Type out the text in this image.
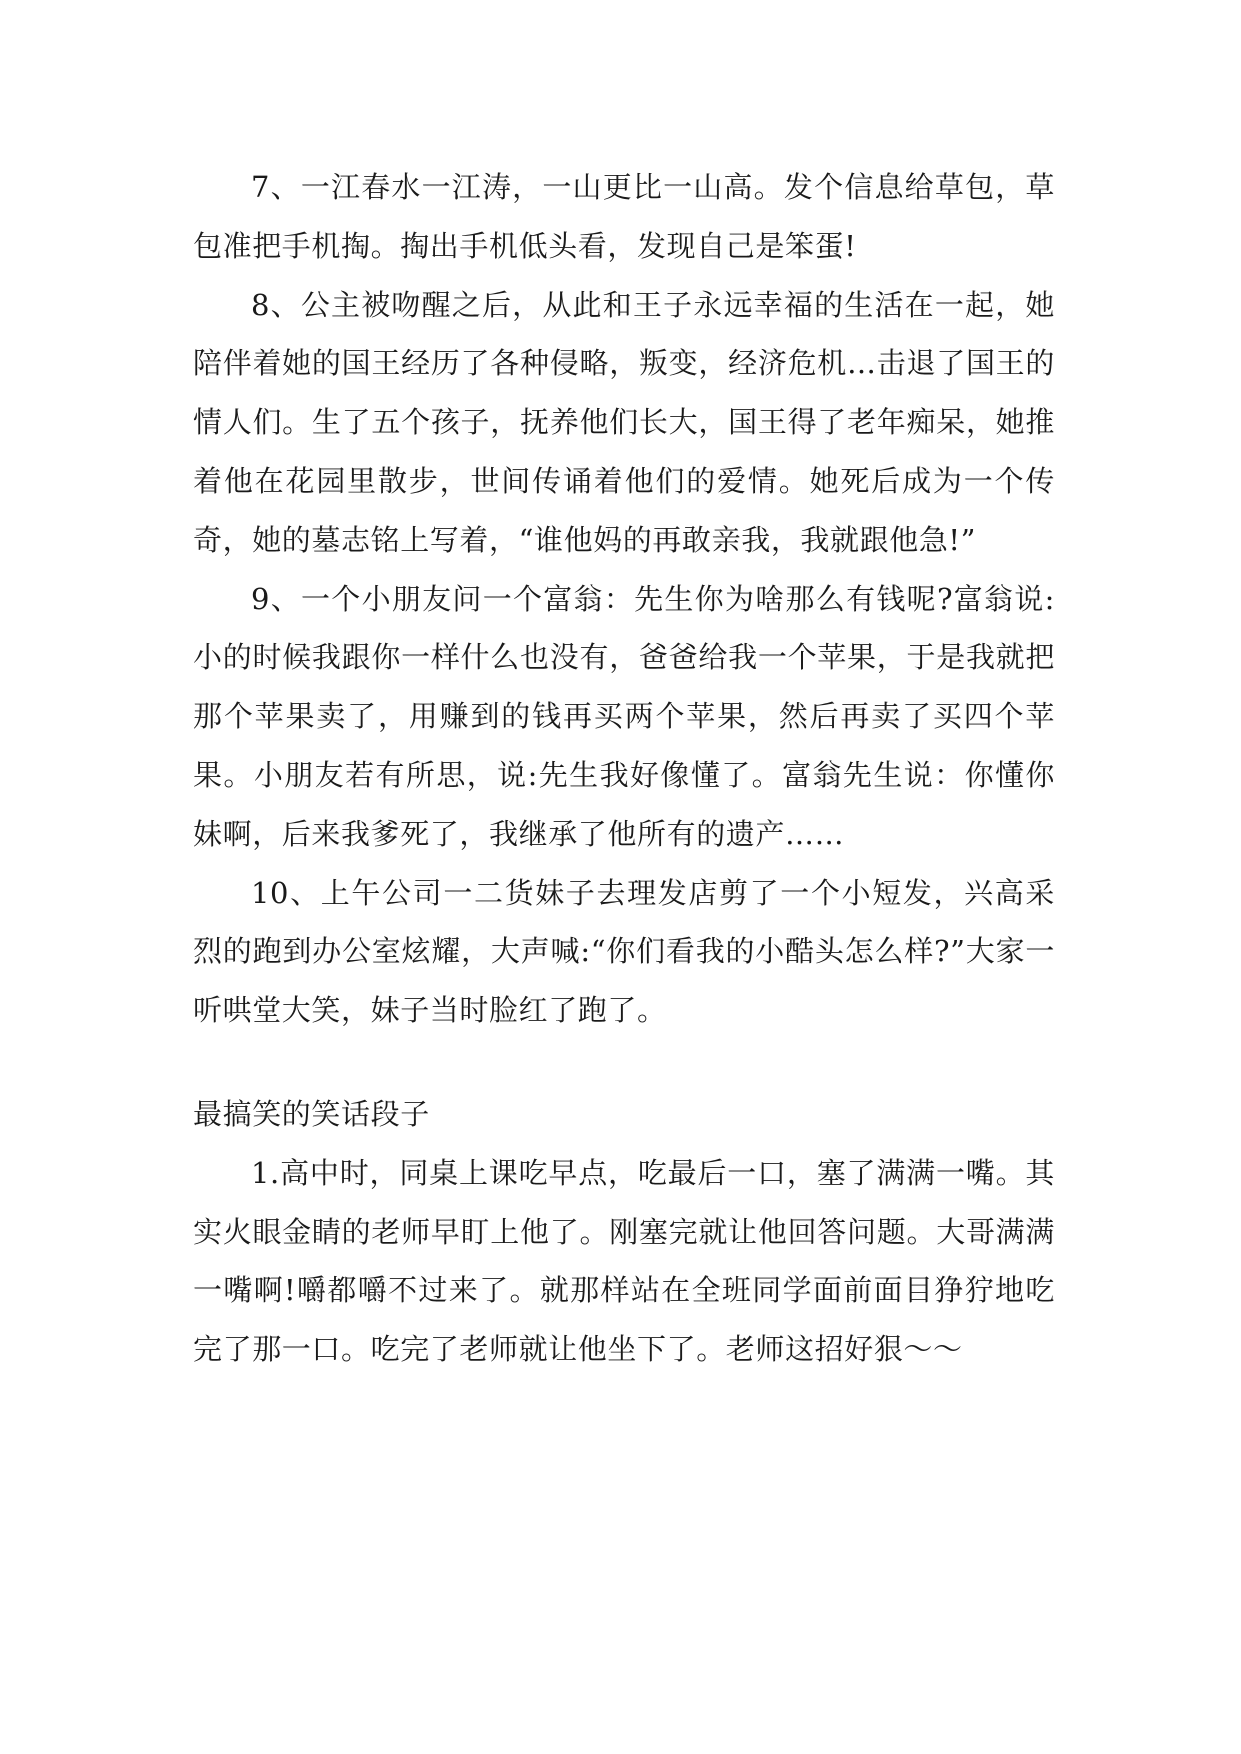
7、一江春水一江涛，一山更比一山高。发个信息给草包，草包准把手机掏。掏出手机低头看，发现自己是笨蛋!

8、公主被吻醒之后，从此和王子永远幸福的生活在一起，她陪伴着她的国王经历了各种侵略，叛变，经济危机…击退了国王的情人们。生了五个孩子，抚养他们长大，国王得了老年痴呆，她推着他在花园里散步，世间传诵着他们的爱情。她死后成为一个传奇，她的墓志铭上写着，“谁他妈的再敢亲我，我就跟他急!”

9、一个小朋友问一个富翁：先生你为啥那么有钱呢?富翁说:小的时候我跟你一样什么也没有，爸爸给我一个苹果，于是我就把那个苹果卖了，用赚到的钱再买两个苹果，然后再卖了买四个苹果。小朋友若有所思，说:先生我好像懂了。富翁先生说：你懂你妹啊，后来我爹死了，我继承了他所有的遗产……

10、上午公司一二货妹子去理发店剪了一个小短发，兴高采烈的跑到办公室炫耀，大声喊:“你们看我的小酷头怎么样?”大家一听哄堂大笑，妹子当时脸红了跑了。

最搞笑的笑话段子

1.高中时，同桌上课吃早点，吃最后一口，塞了满满一嘴。其实火眼金睛的老师早盯上他了。刚塞完就让他回答问题。大哥满满一嘴啊!嚼都嚼不过来了。就那样站在全班同学面前面目狰狞地吃完了那一口。吃完了老师就让他坐下了。老师这招好狠～～
